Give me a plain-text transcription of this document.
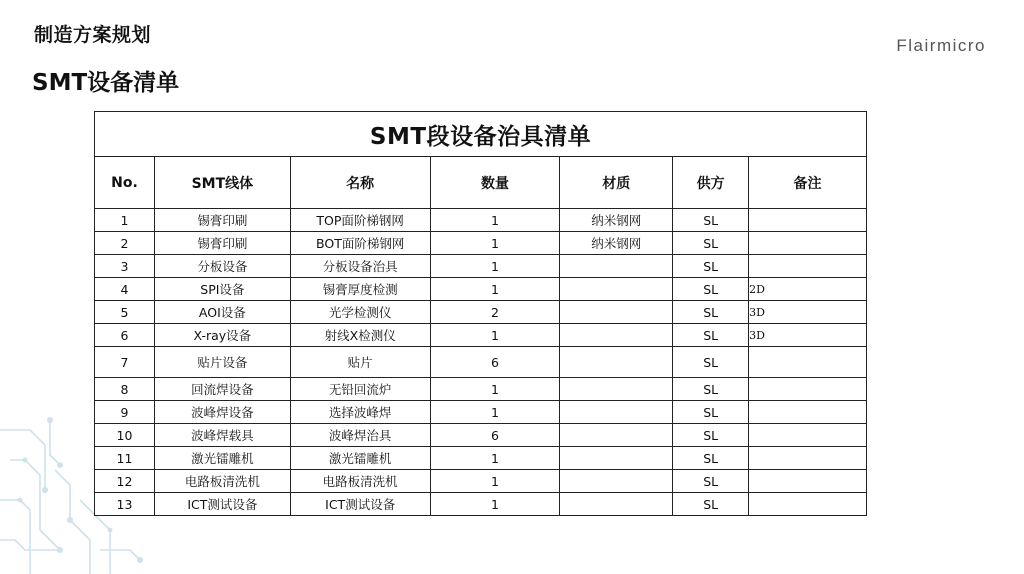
制造方案规划
SMT设备清单
Flairmicro
SMT段设备治具清单						
No.	SMT线体	名称	数量	材质	供方	备注
1	锡膏印刷	TOP面阶梯钢网	1	纳米钢网	SL	
2	锡膏印刷	BOT面阶梯钢网	1	纳米钢网	SL	
3	分板设备	分板设备治具	1		SL	
4	SPI设备	锡膏厚度检测	1		SL	2D
5	AOI设备	光学检测仪	2		SL	3D
6	X-ray设备	射线X检测仪	1		SL	3D
7	贴片设备	贴片	6		SL	
8	回流焊设备	无铅回流炉	1		SL	
9	波峰焊设备	选择波峰焊	1		SL	
10	波峰焊载具	波峰焊治具	6		SL	
11	激光镭雕机	激光镭雕机	1		SL	
12	电路板清洗机	电路板清洗机	1		SL	
13	ICT测试设备	ICT测试设备	1		SL	
